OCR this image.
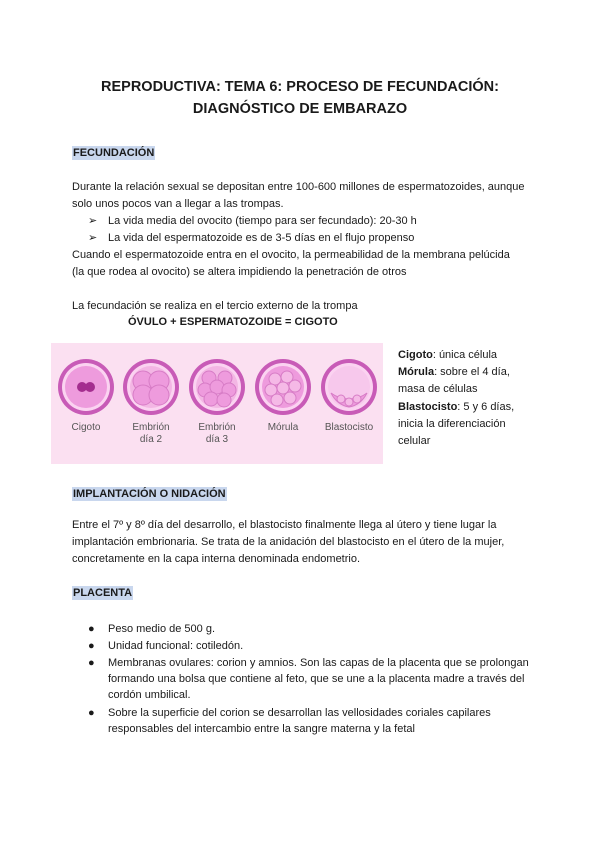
REPRODUCTIVA: TEMA 6: PROCESO DE FECUNDACIÓN:
DIAGNÓSTICO DE EMBARAZO
FECUNDACIÓN
Durante la relación sexual se depositan entre 100-600 millones de espermatozoides, aunque
solo unos pocos van a llegar a las trompas.
➢ La vida media del ovocito (tiempo para ser fecundado): 20-30 h
➢ La vida del espermatozoide es de 3-5 días en el flujo propenso
Cuando el espermatozoide entra en el ovocito, la permeabilidad de la membrana pelúcida
(la que rodea al ovocito) se altera impidiendo la penetración de otros
La fecundación se realiza en el tercio externo de la trompa
ÓVULO + ESPERMATOZOIDE = CIGOTO
Cigoto	Embrión
día 2
Embrión
día 3
Mórula	Blastocisto
Cigoto: única célula
Mórula: sobre el 4 día,
masa de células
Blastocisto: 5 y 6 días,
inicia la diferenciación
celular
IMPLANTACIÓN O NIDACIÓN
Entre el 7º y 8º día del desarrollo, el blastocisto finalmente llega al útero y tiene lugar la
implantación embrionaria. Se trata de la anidación del blastocisto en el útero de la mujer,
concretamente en la capa interna denominada endometrio.
PLACENTA
● Peso medio de 500 g.
● Unidad funcional: cotiledón.
● Membranas ovulares: corion y amnios. Son las capas de la placenta que se prolongan
formando una bolsa que contiene al feto, que se une a la placenta madre a través del
cordón umbilical.
● Sobre la superficie del corion se desarrollan las vellosidades coriales capilares
responsables del intercambio entre la sangre materna y la fetal
